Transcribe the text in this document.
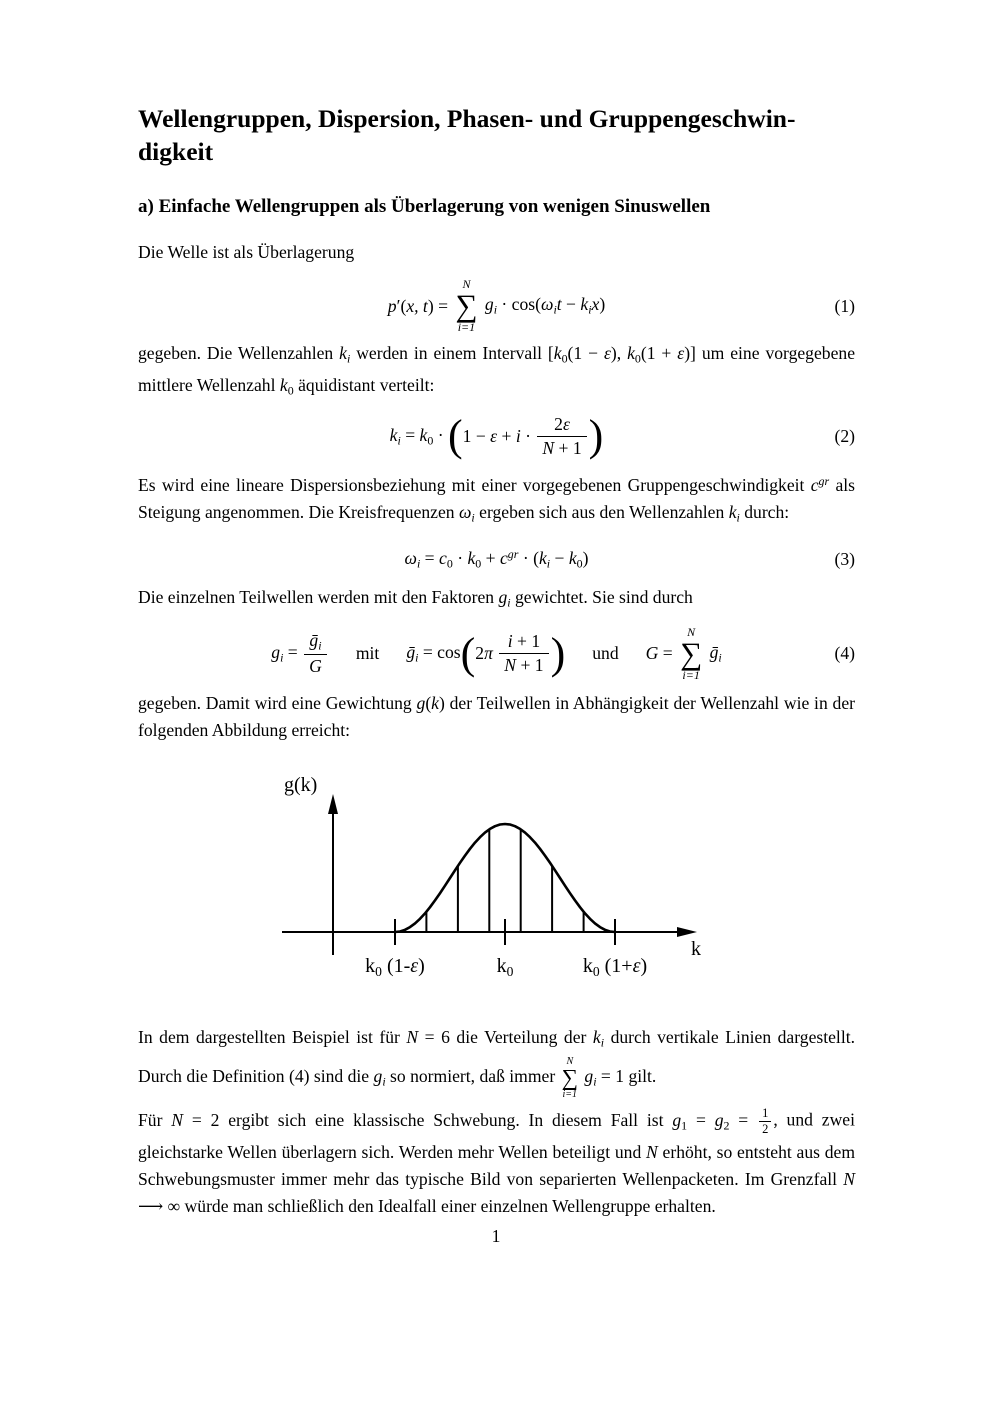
Wellengruppen, Dispersion, Phasen- und Gruppengeschwin-
digkeit
a) Einfache Wellengruppen als Überlagerung von wenigen Sinuswellen

Die Welle ist als Überlagerung

p′(x, t) =
N
∑
i=1
$g_i \cdot \cos(\omega_it - k_ix)$	(1)

gegeben. Die Wellenzahlen $k_i$ werden in einem Intervall [$k_0(1 - \varepsilon)$, $k_0(1 + \varepsilon)$] um eine vorgegebene mittlere Wellenzahl $k_0$ äquidistant verteilt:

$k_i = k_0$ · ( $1 - \varepsilon + i \cdot \frac{2\varepsilon}{N + 1}$ )	(2)

Es wird eine lineare Dispersionsbeziehung mit einer vorgegebenen Gruppengeschwindigkeit $c^{gr}$ als Steigung angenommen. Die Kreisfrequenzen $\omega_i$ ergeben sich aus den Wellenzahlen $k_i$ durch:

$\omega_i = c_0 \cdot k_0 + c^{gr} \cdot (k_i - k_0)$	(3)

Die einzelnen Teilwellen werden mit den Faktoren $g_i$ gewichtet. Sie sind durch

$g_i = \frac{ḡ_i}{G}$ mit ḡ$_i$ = cos ( $2\pi \frac{i + 1}{N + 1}$ ) und G =
N
∑
i=1
ḡ$_i$	(4)

gegeben. Damit wird eine Gewichtung g(k) der Teilwellen in Abhängigkeit der Wellenzahl wie in der folgenden Abbildung erreicht:

g(k)
k
$k_0$ (1-ε)	$k_0$	$k_0$ (1+ε)

In dem dargestellten Beispiel ist für N = 6 die Verteilung der $k_i$ durch vertikale Linien dargestellt. Durch die Definition (4) sind die $g_i$ so normiert, daß immer
N
∑
i=1
$g_i = 1$ gilt.

Für N = 2 ergibt sich eine klassische Schwebung. In diesem Fall ist $g_1 = g_2 = \frac{1}{2}$ , und zwei gleichstarke Wellen überlagern sich. Werden mehr Wellen beteiligt und N erhöht, so entsteht aus dem Schwebungsmuster immer mehr das typische Bild von separierten Wellenpacketen. Im Grenzfall N ⟶ ∞ würde man schließlich den Idealfall einer einzelnen Wellengruppe erhalten.

1
